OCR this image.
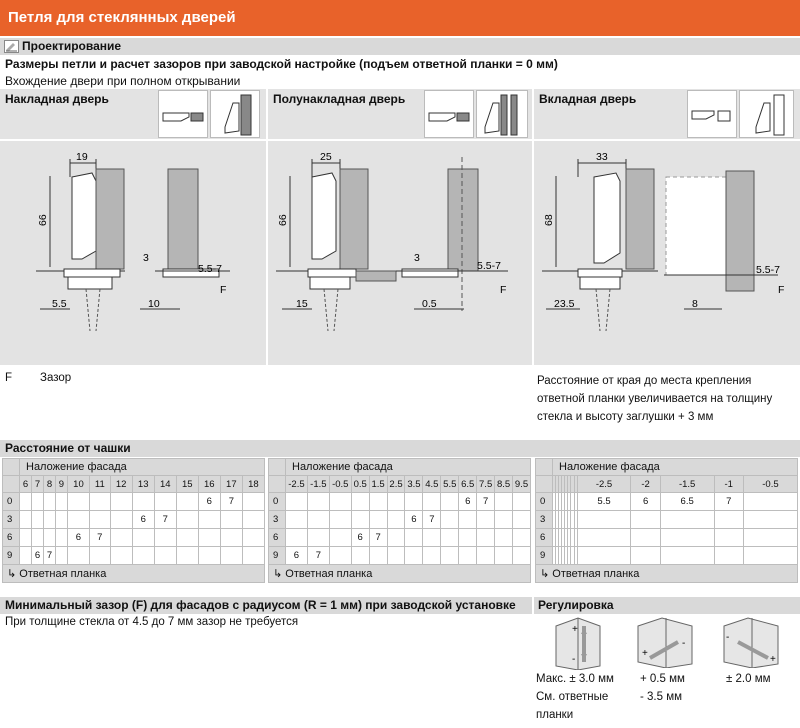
Петля для стеклянных дверей
Проектирование
Размеры петли и расчет зазоров при заводской настройке (подъем ответной планки = 0 мм)
Вхождение двери при полном открывании
Накладная дверь	Полунакладная дверь	Вкладная дверь
19
66
3
5.5-7
F
5.5	10
25
66
3
5.5-7
F
15	0.5
33
68
5.5-7
F
23.5	8
F Зазор	Расстояние от края до места крепления
ответной планки увеличивается на толщину
стекла и высоту заглушки + 3 мм
Расстояние от чашки
	Наложение фасада												
	6	7	8	9	10	11	12	13	14	15	16	17	18
0											6	7	
3								6	7				
6					6	7							
9		6	7										
↳ Ответная планка													
	Наложение фасада												
	-2.5	-1.5	-0.5	0.5	1.5	2.5	3.5	4.5	5.5	6.5	7.5	8.5	9.5
0										6	7		
3							6	7					
6				6	7								
9	6	7											
↳ Ответная планка													
	Наложение фасада												
									-2.5	-2	-1.5	-1	-0.5
0									5.5	6	6.5	7	
3													
6													
9													
↳ Ответная планка													
Минимальный зазор (F) для фасадов с радиусом (R = 1 мм) при заводской установке
При толщине стекла от 4.5 до 7 мм зазор не требуется
Регулировка
+
-
+
-
-
+
Макс. ± 3.0 мм
См. ответные
планки
+ 0.5 мм
- 3.5 мм
± 2.0 мм
